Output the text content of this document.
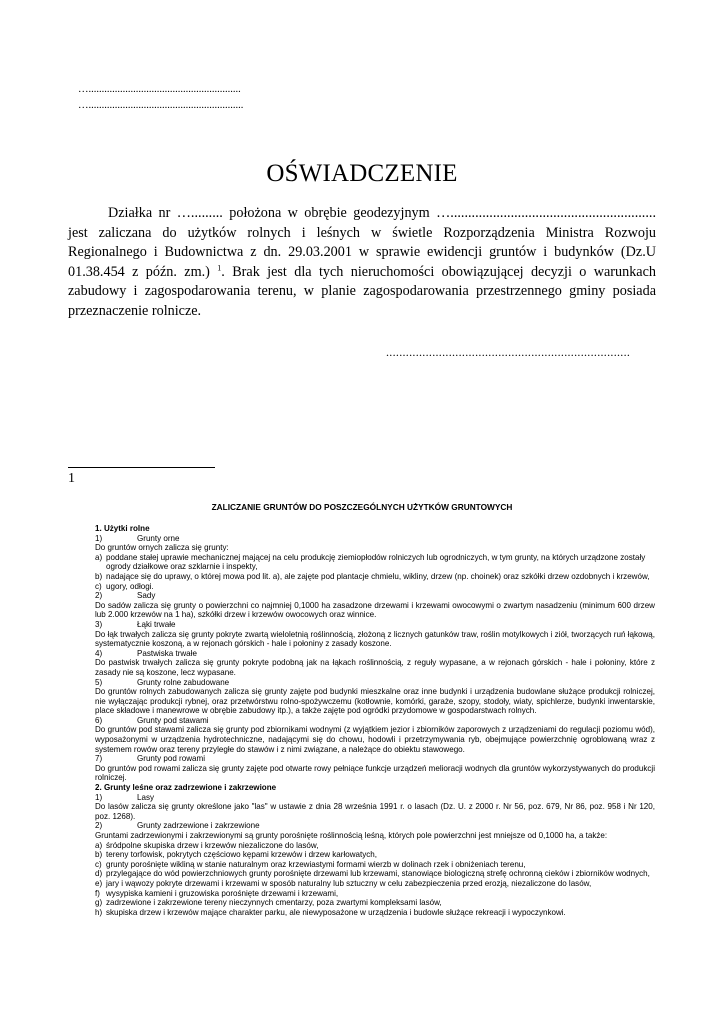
…..........................................................
…...........................................................
OŚWIADCZENIE

Działka nr …......... położona w obrębie geodezyjnym ….......................................................... jest zaliczana do użytków rolnych i leśnych w świetle Rozporządzenia Ministra Rozwoju Regionalnego i Budownictwa z dn. 29.03.2001 w sprawie ewidencji gruntów i budynków (Dz.U 01.38.454 z późn. zm.) $^1$. Brak jest dla tych nieruchomości obowiązującej decyzji o warunkach zabudowy i zagospodarowania terenu, w planie zagospodarowania przestrzennego gminy posiada przeznaczenie rolnicze.

..........................................................................
1
ZALICZANIE GRUNTÓW DO POSZCZEGÓLNYCH UŻYTKÓW GRUNTOWYCH
1. Użytki rolne
1)	Grunty orne
Do gruntów ornych zalicza się grunty:
a) poddane stałej uprawie mechanicznej mającej na celu produkcję ziemiopłodów rolniczych lub ogrodniczych, w tym grunty, na których urządzone zostały ogrody działkowe oraz szklarnie i inspekty,
b) nadające się do uprawy, o której mowa pod lit. a), ale zajęte pod plantacje chmielu, wikliny, drzew (np. choinek) oraz szkółki drzew ozdobnych i krzewów,
c) ugory, odłogi.
2)	Sady
Do sadów zalicza się grunty o powierzchni co najmniej 0,1000 ha zasadzone drzewami i krzewami owocowymi o zwartym nasadzeniu (minimum 600 drzew lub 2.000 krzewów na 1 ha), szkółki drzew i krzewów owocowych oraz winnice.
3)	Łąki trwałe
Do łąk trwałych zalicza się grunty pokryte zwartą wieloletnią roślinnością, złożoną z licznych gatunków traw, roślin motylkowych i ziół, tworzących ruń łąkową, systematycznie koszoną, a w rejonach górskich - hale i połoniny z zasady koszone.
4)	Pastwiska trwałe
Do pastwisk trwałych zalicza się grunty pokryte podobną jak na łąkach roślinnością, z reguły wypasane, a w rejonach górskich - hale i połoniny, które z zasady nie są koszone, lecz wypasane.
5)	Grunty rolne zabudowane
Do gruntów rolnych zabudowanych zalicza się grunty zajęte pod budynki mieszkalne oraz inne budynki i urządzenia budowlane służące produkcji rolniczej, nie wyłączając produkcji rybnej, oraz przetwórstwu rolno-spożywczemu (kotłownie, komórki, garaże, szopy, stodoły, wiaty, spichlerze, budynki inwentarskie, place składowe i manewrowe w obrębie zabudowy itp.), a także zajęte pod ogródki przydomowe w gospodarstwach rolnych.
6)	Grunty pod stawami
Do gruntów pod stawami zalicza się grunty pod zbiornikami wodnymi (z wyjątkiem jezior i zbiorników zaporowych z urządzeniami do regulacji poziomu wód), wyposażonymi w urządzenia hydrotechniczne, nadającymi się do chowu, hodowli i przetrzymywania ryb, obejmujące powierzchnię ogroblowaną wraz z systemem rowów oraz tereny przyległe do stawów i z nimi związane, a należące do obiektu stawowego.
7)	Grunty pod rowami
Do gruntów pod rowami zalicza się grunty zajęte pod otwarte rowy pełniące funkcje urządzeń melioracji wodnych dla gruntów wykorzystywanych do produkcji rolniczej.
2. Grunty leśne oraz zadrzewione i zakrzewione
1)	Lasy
Do lasów zalicza się grunty określone jako "las" w ustawie z dnia 28 września 1991 r. o lasach (Dz. U. z 2000 r. Nr 56, poz. 679, Nr 86, poz. 958 i Nr 120, poz. 1268).
2)	Grunty zadrzewione i zakrzewione
Gruntami zadrzewionymi i zakrzewionymi są grunty porośnięte roślinnością leśną, których pole powierzchni jest mniejsze od 0,1000 ha, a także:
a) śródpolne skupiska drzew i krzewów niezaliczone do lasów,
b) tereny torfowisk, pokrytych częściowo kępami krzewów i drzew karłowatych,
c) grunty porośnięte wikliną w stanie naturalnym oraz krzewiastymi formami wierzb w dolinach rzek i obniżeniach terenu,
d) przylegające do wód powierzchniowych grunty porośnięte drzewami lub krzewami, stanowiące biologiczną strefę ochronną cieków i zbiorników wodnych,
e) jary i wąwozy pokryte drzewami i krzewami w sposób naturalny lub sztuczny w celu zabezpieczenia przed erozją, niezaliczone do lasów,
f) wysypiska kamieni i gruzowiska porośnięte drzewami i krzewami,
g) zadrzewione i zakrzewione tereny nieczynnych cmentarzy, poza zwartymi kompleksami lasów,
h) skupiska drzew i krzewów mające charakter parku, ale niewyposażone w urządzenia i budowle służące rekreacji i wypoczynkowi.
